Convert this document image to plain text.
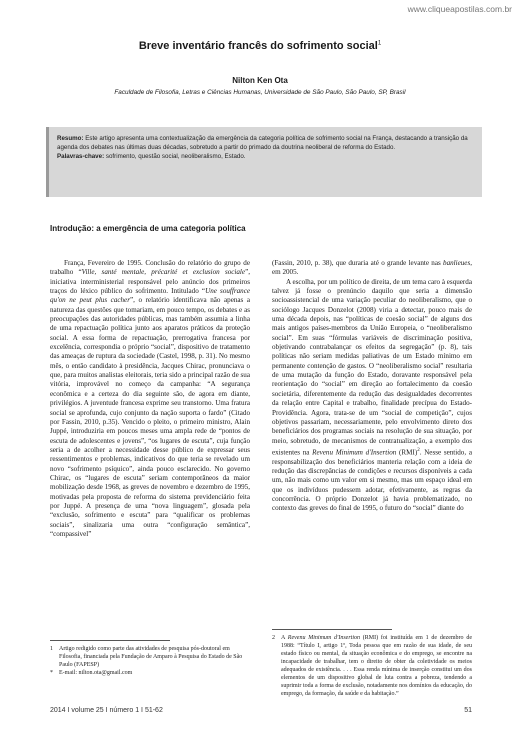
www.cliqueapostilas.com.br
Breve inventário francês do sofrimento social$^1$
Nilton Ken Ota
Faculdade de Filosofia, Letras e Ciências Humanas, Universidade de São Paulo, São Paulo, SP, Brasil
Resumo: Este artigo apresenta uma contextualização da emergência da categoria política de sofrimento social na França, destacando a transição da agenda dos debates nas últimas duas décadas, sobretudo a partir do primado da doutrina neoliberal de reforma do Estado.
Palavras-chave: sofrimento, questão social, neoliberalismo, Estado.
Introdução: a emergência de uma categoria política

França, Fevereiro de 1995. Conclusão do relatório do grupo de trabalho “Ville, santé mentale, précarité et exclusion sociale”, iniciativa interministerial responsável pelo anúncio dos primeiros traços do léxico público do sofrimento. Intitulado “Une souffrance qu'on ne peut plus cacher”, o relatório identificava não apenas a natureza das questões que tomariam, em pouco tempo, os debates e as preocupações das autoridades públicas, mas também assumia a linha de uma repactuação política junto aos aparatos práticos da proteção social. A essa forma de repactuação, prerrogativa francesa por excelência, correspondia o próprio “social”, dispositivo de tratamento das ameaças de ruptura da sociedade (Castel, 1998, p. 31). No mesmo mês, o então candidato à presidência, Jacques Chirac, pronunciava o que, para muitos analistas eleitorais, teria sido a principal razão de sua vitória, improvável no começo da campanha: “A segurança econômica e a certeza do dia seguinte são, de agora em diante, privilégios. A juventude francesa exprime seu transtorno. Uma fratura social se aprofunda, cujo conjunto da nação suporta o fardo” (Citado por Fassin, 2010, p.35). Vencido o pleito, o primeiro ministro, Alain Juppé, introduziria em poucos meses uma ampla rede de “pontos de escuta de adolescentes e jovens”, “os lugares de escuta”, cuja função seria a de acolher a necessidade desse público de expressar seus ressentimentos e problemas, indicativos do que teria se revelado um novo “sofrimento psíquico”, ainda pouco esclarecido. No governo Chirac, os “lugares de escuta” seriam contemporâneos da maior mobilização desde 1968, as greves de novembro e dezembro de 1995, motivadas pela proposta de reforma do sistema previdenciário feita por Juppé. A presença de uma “nova linguagem”, glosada pela “exclusão, sofrimento e escuta” para “qualificar os problemas sociais”, sinalizaria uma outra “configuração semântica”, “compassivel”

(Fassin, 2010, p. 38), que duraria até o grande levante nas banlieues, em 2005.

A escolha, por um político de direita, de um tema caro à esquerda talvez já fosse o prenúncio daquilo que seria a dimensão socioassistencial de uma variação peculiar do neoliberalismo, que o sociólogo Jacques Donzelot (2008) viria a detectar, pouco mais de uma década depois, nas “políticas de coesão social” de alguns dos mais antigos países-membros da União Europeia, o “neoliberalismo social”. Em suas “fórmulas variáveis de discriminação positiva, objetivando contrabalançar os efeitos da segregação” (p. 8), tais políticas não seriam medidas paliativas de um Estado mínimo em permanente contenção de gastos. O “neoliberalismo social” resultaria de uma mutação da função do Estado, doravante responsável pela reorientação do “social” em direção ao fortalecimento da coesão societária, diferentemente da redução das desigualdades decorrentes da relação entre Capital e trabalho, finalidade precípua do Estado-Providência. Agora, trata-se de um “social de competição”, cujos objetivos passariam, necessariamente, pelo envolvimento direto dos beneficiários dos programas sociais na resolução de sua situação, por meio, sobretudo, de mecanismos de contratualização, a exemplo dos existentes na Revenu Minimum d'Insertion (RMI)$^2$. Nesse sentido, a responsabilização dos beneficiários manteria relação com a ideia de redução das discrepâncias de condições e recursos disponíveis a cada um, não mais como um valor em si mesmo, mas um espaço ideal em que os indivíduos pudessem adotar, efetivamente, as regras da concorrência. O próprio Donzelot já havia problematizado, no contexto das greves do final de 1995, o futuro do “social” diante do

1	Artigo redigido como parte das atividades de pesquisa pós-doutoral em Filosofia, financiada pela Fundação de Amparo à Pesquisa do Estado de São Paulo (FAPESP)
*	E-mail: nilton.ota@gmail.com
2	A Revenu Minimum d'Insertion (RMI) foi instituída em 1 de dezembro de 1988: “Título I, artigo 1º, Toda pessoa que em razão de sua idade, de seu estado físico ou mental, da situação econômica e do emprego, se encontre na incapacidade de trabalhar, tem o direito de obter da coletividade os meios adequados de existência. . . . Essa renda mínima de inserção constitui um dos elementos de um dispositivo global de luta contra a pobreza, tendendo a suprimir toda a forma de exclusão, notadamente nos domínios da educação, do emprego, da formação, da saúde e da habitação.”
2014 I volume 25 I número 1 I 51-62	51
